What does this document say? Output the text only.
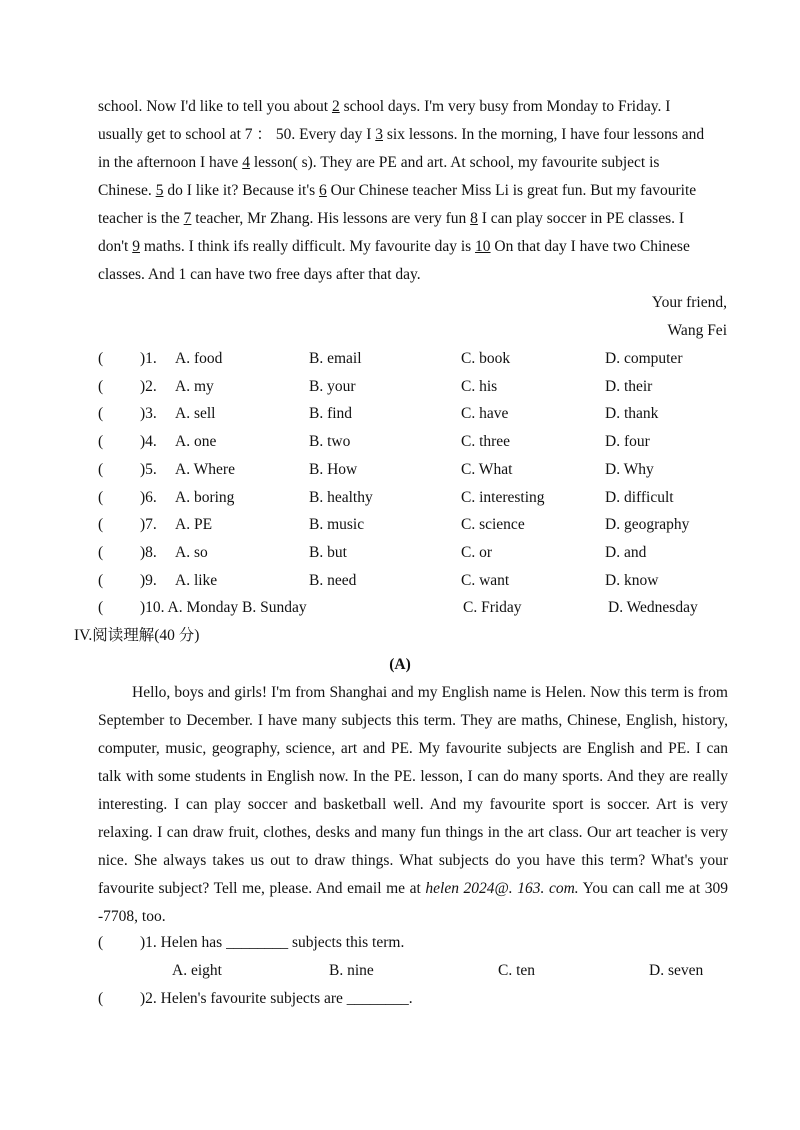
school. Now I'd like to tell you about 2 school days. I'm very busy from Monday to Friday. I
usually get to school at 7 ： 50. Every day I 3 six lessons. In the morning, I have four lessons and
in the afternoon I have 4 lesson( s). They are PE and art. At school, my favourite subject is
Chinese. 5 do I like it? Because it's 6 Our Chinese teacher Miss Li is great fun. But my favourite
teacher is the 7 teacher, Mr Zhang. His lessons are very fun 8 I can play soccer in PE classes. I
don't 9 maths. I think ifs really difficult. My favourite day is 10 On that day I have two Chinese
classes. And 1 can have two free days after that day.

Your friend,
Wang Fei
( )1. A. food	B. email	C. book	D. computer
( )2. A. my	B. your	C. his	D. their
( )3. A. sell	B. find	C. have	D. thank
( )4. A. one	B. two	C. three	D. four
( )5. A. Where	B. How	C. What	D. Why
( )6. A. boring	B. healthy	C. interesting	D. difficult
( )7. A. PE	B. music	C. science	D. geography
( )8. A. so	B. but	C. or	D. and
( )9. A. like	B. need	C. want	D. know
( )10. A. Monday B. Sunday	C. Friday	D. Wednesday
IV.阅读理解(40 分)
(A)

Hello, boys and girls! I'm from Shanghai and my English name is Helen. Now this term is from September to December. I have many subjects this term. They are maths, Chinese, English, history, computer, music, geography, science, art and PE. My favourite subjects are English and PE. I can talk with some students in English now. In the PE. lesson, I can do many sports. And they are really interesting. I can play soccer and basketball well. And my favourite sport is soccer. Art is very relaxing. I can draw fruit, clothes, desks and many fun things in the art class. Our art teacher is very nice. She always takes us out to draw things. What subjects do you have this term? What's your favourite subject? Tell me, please. And email me at helen 2024@. 163. com. You can call me at 309 -7708, too.

( )1. Helen has ________ subjects this term.
A. eight	B. nine	C. ten	D. seven
( )2. Helen's favourite subjects are ________.
